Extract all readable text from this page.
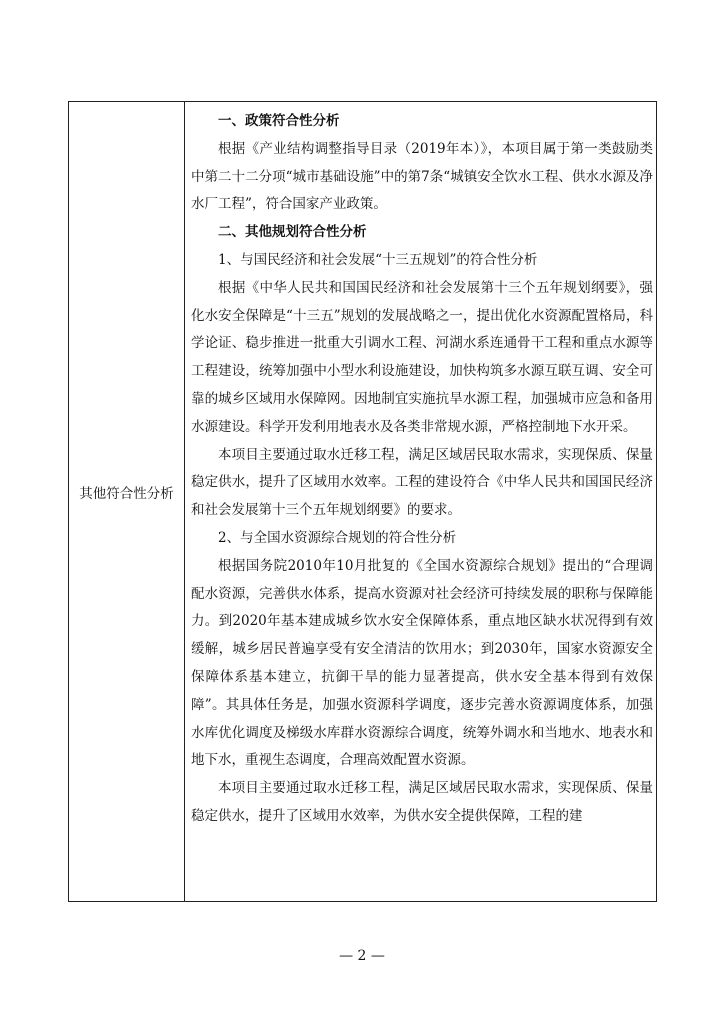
其他符合性分析

一、政策符合性分析

根据《产业结构调整指导目录（2019年本）》，本项目属于第一类鼓励类中第二十二分项“城市基础设施”中的第7条“城镇安全饮水工程、供水水源及净水厂工程”，符合国家产业政策。

二、其他规划符合性分析

1、与国民经济和社会发展“十三五规划”的符合性分析

根据《中华人民共和国国民经济和社会发展第十三个五年规划纲要》，强化水安全保障是“十三五”规划的发展战略之一，提出优化水资源配置格局，科学论证、稳步推进一批重大引调水工程、河湖水系连通骨干工程和重点水源等工程建设，统筹加强中小型水利设施建设，加快构筑多水源互联互调、安全可靠的城乡区域用水保障网。因地制宜实施抗旱水源工程，加强城市应急和备用水源建设。科学开发利用地表水及各类非常规水源，严格控制地下水开采。

本项目主要通过取水迁移工程，满足区域居民取水需求，实现保质、保量稳定供水，提升了区域用水效率。工程的建设符合《中华人民共和国国民经济和社会发展第十三个五年规划纲要》的要求。

2、与全国水资源综合规划的符合性分析

根据国务院2010年10月批复的《全国水资源综合规划》提出的“合理调配水资源，完善供水体系，提高水资源对社会经济可持续发展的职称与保障能力。到2020年基本建成城乡饮水安全保障体系，重点地区缺水状况得到有效缓解，城乡居民普遍享受有安全清洁的饮用水；到2030年，国家水资源安全保障体系基本建立，抗御干旱的能力显著提高，供水安全基本得到有效保障”。其具体任务是，加强水资源科学调度，逐步完善水资源调度体系，加强水库优化调度及梯级水库群水资源综合调度，统筹外调水和当地水、地表水和地下水，重视生态调度，合理高效配置水资源。

本项目主要通过取水迁移工程，满足区域居民取水需求，实现保质、保量稳定供水，提升了区域用水效率，为供水安全提供保障，工程的建

— 2 —
